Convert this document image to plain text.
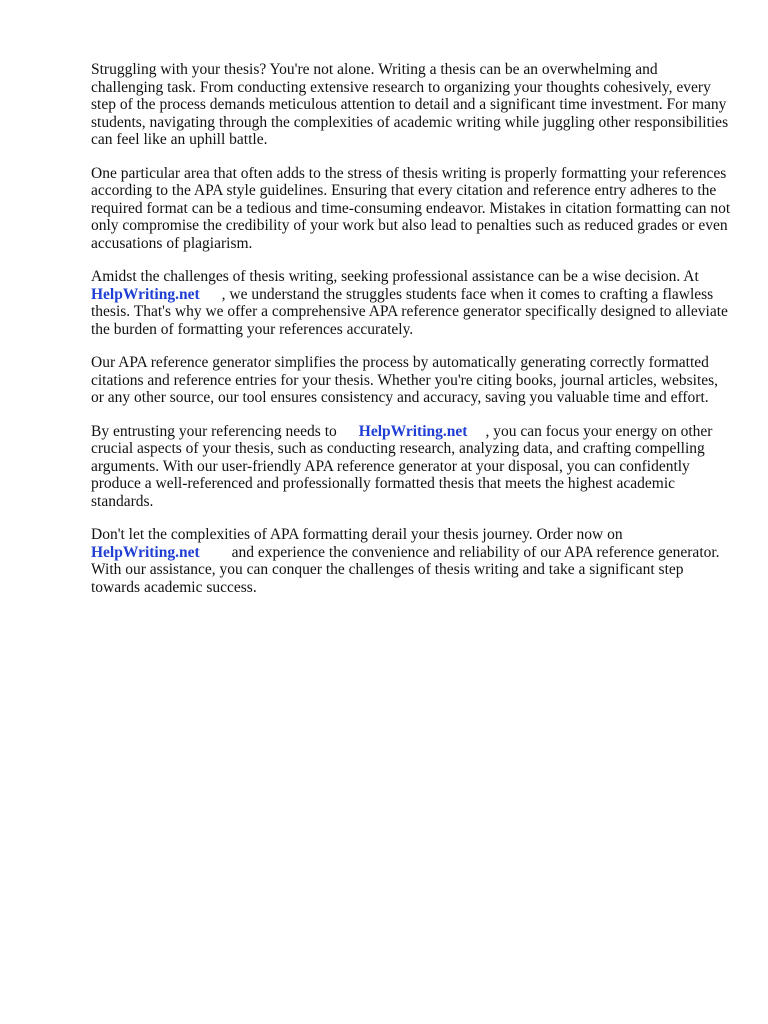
Struggling with your thesis? You're not alone. Writing a thesis can be an overwhelming and challenging task. From conducting extensive research to organizing your thoughts cohesively, every step of the process demands meticulous attention to detail and a significant time investment. For many students, navigating through the complexities of academic writing while juggling other responsibilities can feel like an uphill battle.

One particular area that often adds to the stress of thesis writing is properly formatting your references according to the APA style guidelines. Ensuring that every citation and reference entry adheres to the required format can be a tedious and time-consuming endeavor. Mistakes in citation formatting can not only compromise the credibility of your work but also lead to penalties such as reduced grades or even accusations of plagiarism.

Amidst the challenges of thesis writing, seeking professional assistance can be a wise decision. At
HelpWriting.net , we understand the struggles students face when it comes to crafting a flawless thesis. That's why we offer a comprehensive APA reference generator specifically designed to alleviate the burden of formatting your references accurately.

Our APA reference generator simplifies the process by automatically generating correctly formatted citations and reference entries for your thesis. Whether you're citing books, journal articles, websites, or any other source, our tool ensures consistency and accuracy, saving you valuable time and effort.

By entrusting your referencing needs to HelpWriting.net , you can focus your energy on other crucial aspects of your thesis, such as conducting research, analyzing data, and crafting compelling arguments. With our user-friendly APA reference generator at your disposal, you can confidently produce a well-referenced and professionally formatted thesis that meets the highest academic standards.

Don't let the complexities of APA formatting derail your thesis journey. Order now on
HelpWriting.net and experience the convenience and reliability of our APA reference generator. With our assistance, you can conquer the challenges of thesis writing and take a significant step towards academic success.
